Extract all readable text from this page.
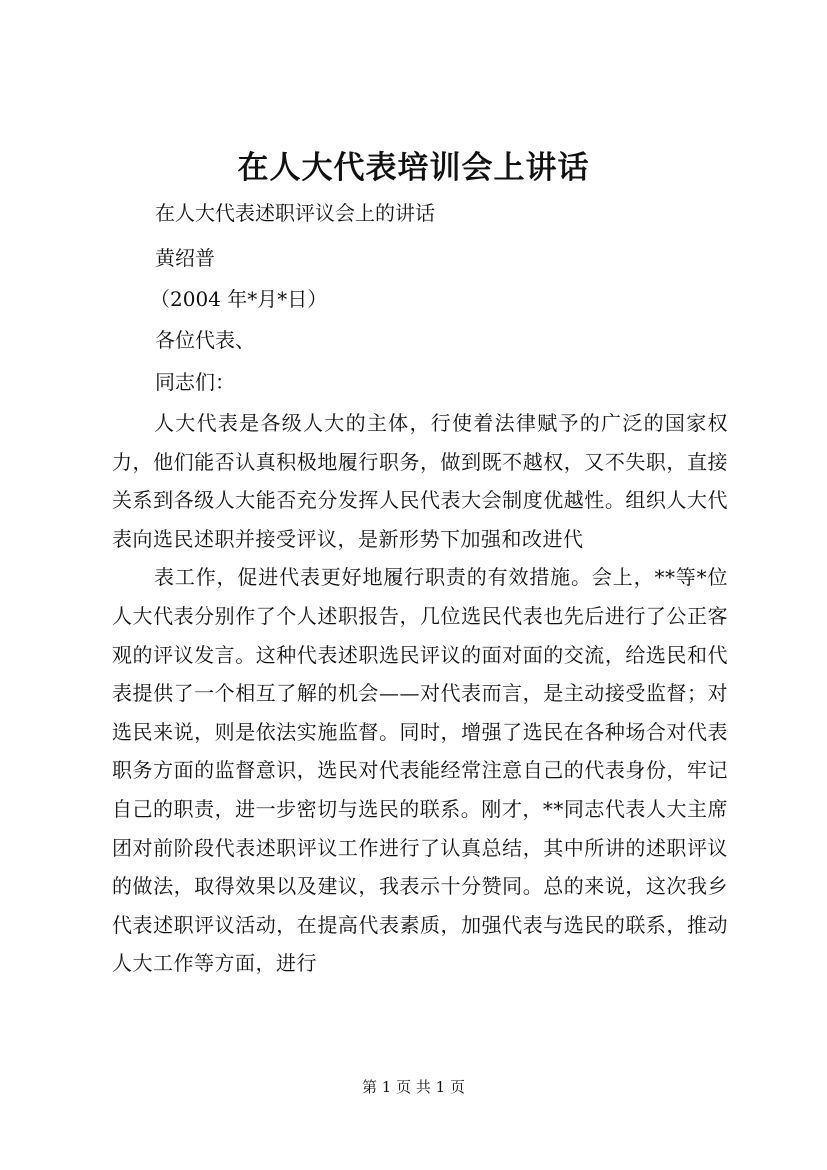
在人大代表培训会上讲话

在人大代表述职评议会上的讲话

黄绍普

（2004 年*月*日）

各位代表、

同志们：

人大代表是各级人大的主体，行使着法律赋予的广泛的国家权力，他们能否认真积极地履行职务，做到既不越权，又不失职，直接关系到各级人大能否充分发挥人民代表大会制度优越性。组织人大代表向选民述职并接受评议，是新形势下加强和改进代

表工作，促进代表更好地履行职责的有效措施。会上，**等*位人大代表分别作了个人述职报告，几位选民代表也先后进行了公正客观的评议发言。这种代表述职选民评议的面对面的交流，给选民和代表提供了一个相互了解的机会——对代表而言，是主动接受监督；对选民来说，则是依法实施监督。同时，增强了选民在各种场合对代表职务方面的监督意识，选民对代表能经常注意自己的代表身份，牢记自己的职责，进一步密切与选民的联系。刚才，**同志代表人大主席团对前阶段代表述职评议工作进行了认真总结，其中所讲的述职评议的做法，取得效果以及建议，我表示十分赞同。总的来说，这次我乡代表述职评议活动，在提高代表素质，加强代表与选民的联系，推动人大工作等方面，进行

第 1 页 共 1 页
